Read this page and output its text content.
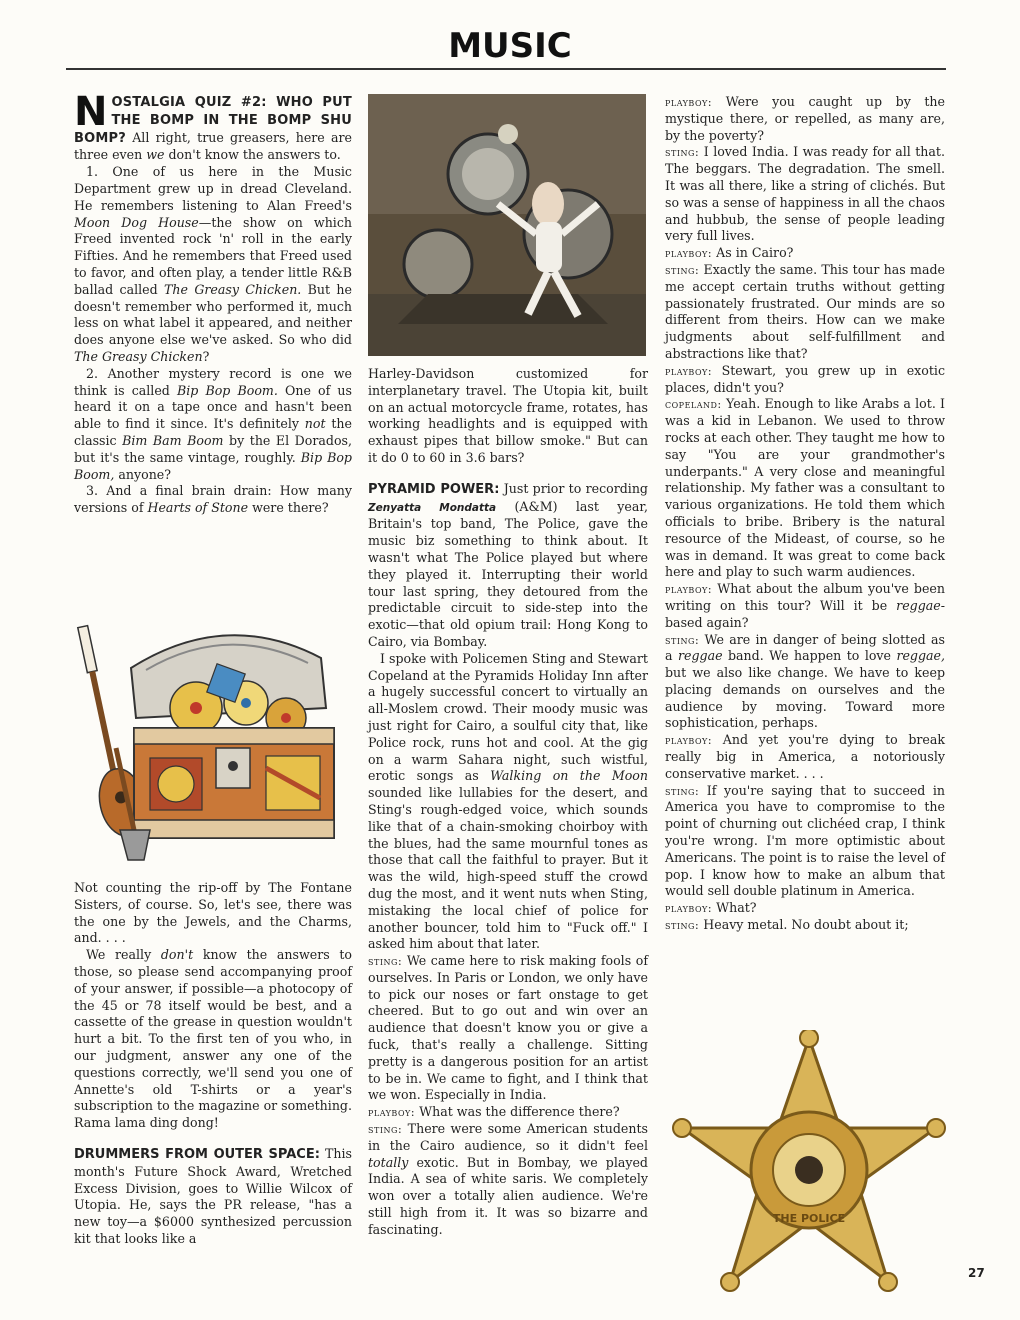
MUSIC

NOSTALGIA QUIZ #2: WHO PUT THE BOMP IN THE BOMP SHU BOMP? All right, true greasers, here are three even we don't know the answers to.

1. One of us here in the Music Department grew up in dread Cleveland. He remembers listening to Alan Freed's Moon Dog House—the show on which Freed invented rock 'n' roll in the early Fifties. And he remembers that Freed used to favor, and often play, a tender little R&B ballad called The Greasy Chicken. But he doesn't remember who performed it, much less on what label it appeared, and neither does anyone else we've asked. So who did The Greasy Chicken?

2. Another mystery record is one we think is called Bip Bop Boom. One of us heard it on a tape once and hasn't been able to find it since. It's definitely not the classic Bim Bam Boom by the El Dorados, but it's the same vintage, roughly. Bip Bop Boom, anyone?

3. And a final brain drain: How many versions of Hearts of Stone were there?

Not counting the rip-off by The Fontane Sisters, of course. So, let's see, there was the one by the Jewels, and the Charms, and. . . .

We really don't know the answers to those, so please send accompanying proof of your answer, if possible—a photocopy of the 45 or 78 itself would be best, and a cassette of the grease in question wouldn't hurt a bit. To the first ten of you who, in our judgment, answer any one of the questions correctly, we'll send you one of Annette's old T-shirts or a year's subscription to the magazine or something. Rama lama ding dong!

DRUMMERS FROM OUTER SPACE: This month's Future Shock Award, Wretched Excess Division, goes to Willie Wilcox of Utopia. He, says the PR release, "has a new toy—a $6000 synthesized percussion kit that looks like a

Harley-Davidson customized for interplanetary travel. The Utopia kit, built on an actual motorcycle frame, rotates, has working headlights and is equipped with exhaust pipes that billow smoke." But can it do 0 to 60 in 3.6 bars?

PYRAMID POWER: Just prior to recording Zenyatta Mondatta (A&M) last year, Britain's top band, The Police, gave the music biz something to think about. It wasn't what The Police played but where they played it. Interrupting their world tour last spring, they detoured from the predictable circuit to side-step into the exotic—that old opium trail: Hong Kong to Cairo, via Bombay.

I spoke with Policemen Sting and Stewart Copeland at the Pyramids Holiday Inn after a hugely successful concert to virtually an all-Moslem crowd. Their moody music was just right for Cairo, a soulful city that, like Police rock, runs hot and cool. At the gig on a warm Sahara night, such wistful, erotic songs as Walking on the Moon sounded like lullabies for the desert, and Sting's rough-edged voice, which sounds like that of a chain-smoking choirboy with the blues, had the same mournful tones as those that call the faithful to prayer. But it was the wild, high-speed stuff the crowd dug the most, and it went nuts when Sting, mistaking the local chief of police for another bouncer, told him to "Fuck off." I asked him about that later.

sting: We came here to risk making fools of ourselves. In Paris or London, we only have to pick our noses or fart onstage to get cheered. But to go out and win over an audience that doesn't know you or give a fuck, that's really a challenge. Sitting pretty is a dangerous position for an artist to be in. We came to fight, and I think that we won. Especially in India.

playboy: What was the difference there?

sting: There were some American students in the Cairo audience, so it didn't feel totally exotic. But in Bombay, we played India. A sea of white saris. We completely won over a totally alien audience. We're still high from it. It was so bizarre and fascinating.

playboy: Were you caught up by the mystique there, or repelled, as many are, by the poverty?

sting: I loved India. I was ready for all that. The beggars. The degradation. The smell. It was all there, like a string of clichés. But so was a sense of happiness in all the chaos and hubbub, the sense of people leading very full lives.

playboy: As in Cairo?

sting: Exactly the same. This tour has made me accept certain truths without getting passionately frustrated. Our minds are so different from theirs. How can we make judgments about self-fulfillment and abstractions like that?

playboy: Stewart, you grew up in exotic places, didn't you?

copeland: Yeah. Enough to like Arabs a lot. I was a kid in Lebanon. We used to throw rocks at each other. They taught me how to say "You are your grandmother's underpants." A very close and meaningful relationship. My father was a consultant to various organizations. He told them which officials to bribe. Bribery is the natural resource of the Mideast, of course, so he was in demand. It was great to come back here and play to such warm audiences.

playboy: What about the album you've been writing on this tour? Will it be reggae-based again?

sting: We are in danger of being slotted as a reggae band. We happen to love reggae, but we also like change. We have to keep placing demands on ourselves and the audience by moving. Toward more sophistication, perhaps.

playboy: And yet you're dying to break really big in America, a notoriously conservative market. . . .

sting: If you're saying that to succeed in America you have to compromise to the point of churning out clichéed crap, I think you're wrong. I'm more optimistic about Americans. The point is to raise the level of pop. I know how to make an album that would sell double platinum in America.

playboy: What?

sting: Heavy metal. No doubt about it;

THE POLICE
27
